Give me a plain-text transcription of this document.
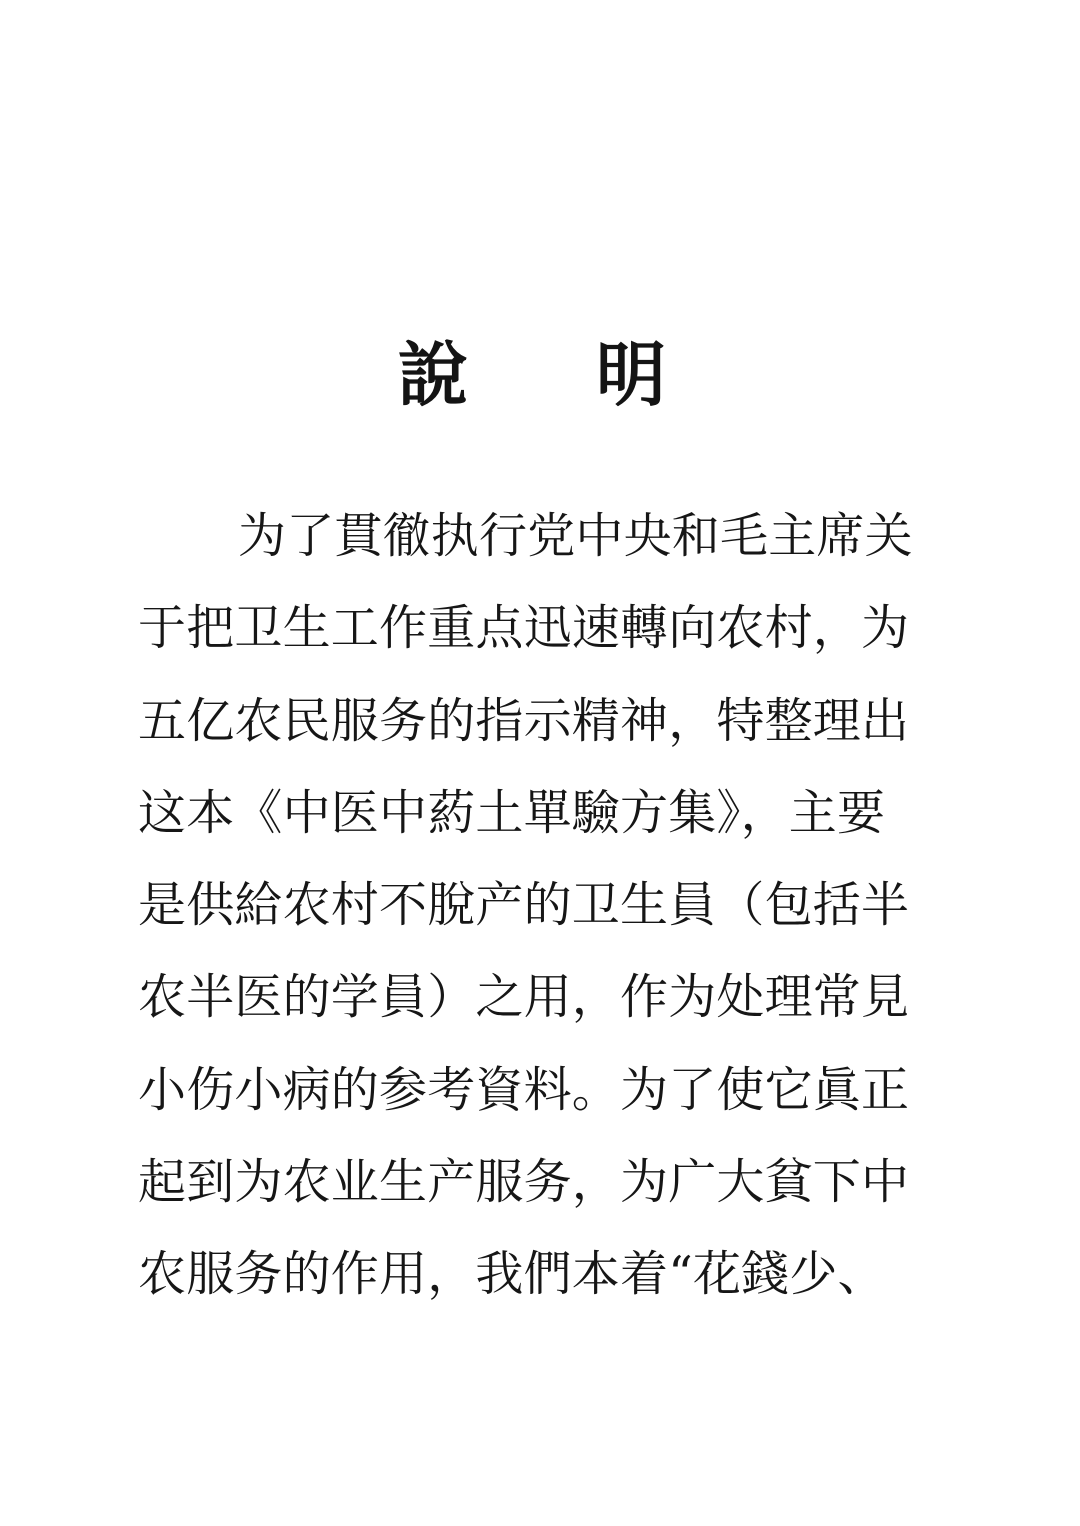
說 明
为了貫徹执行党中央和毛主席关
于把卫生工作重点迅速轉向农村，为
五亿农民服务的指示精神，特整理出
这本《中医中葯土單驗方集》，主要
是供給农村不脫产的卫生員（包括半
农半医的学員）之用，作为处理常見
小伤小病的参考資料。为了使它眞正
起到为农业生产服务，为广大貧下中
农服务的作用，我們本着“花錢少、
